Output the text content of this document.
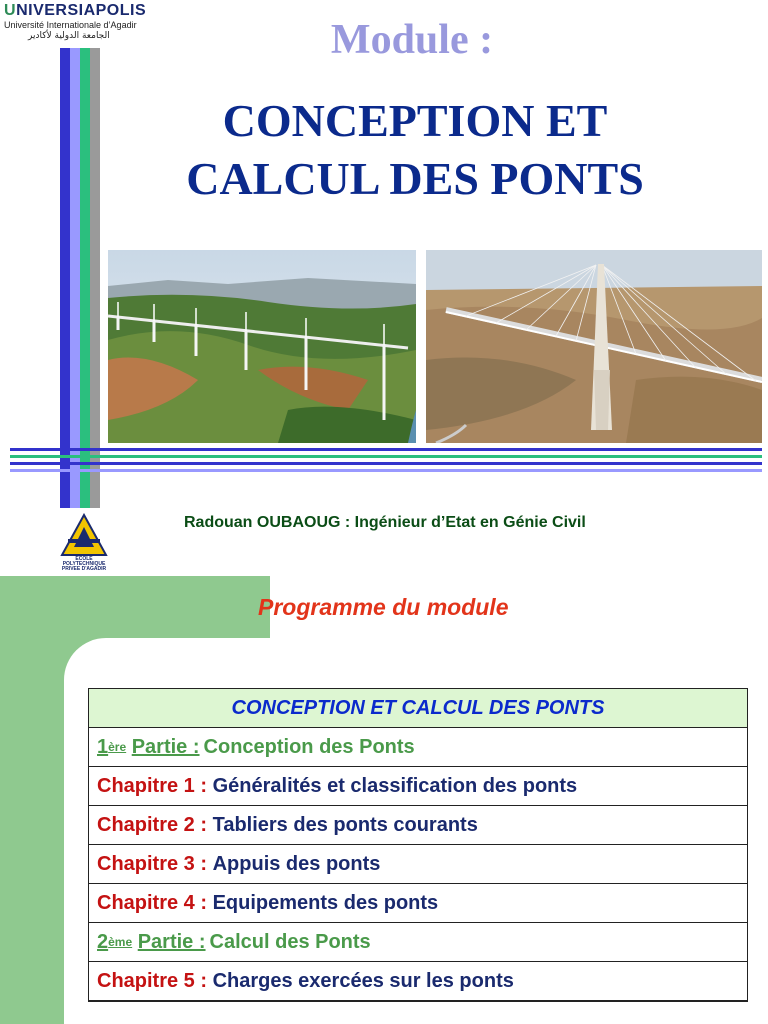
UNIVERSIAPOLIS
Université Internationale d’Agadir
الجامعة الدولية لأكادير	Module :
CONCEPTION ET
CALCUL DES PONTS
ECOLE
POLYTECHNIQUE
PRIVEE D'AGADIR
Radouan OUBAOUG : Ingénieur d’Etat en Génie Civil
Programme du module
CONCEPTION ET CALCUL DES PONTS
1 ère
Partie : Conception des Ponts
Chapitre 1 :
Généralités et classification des ponts
Chapitre 2 :
Tabliers des ponts courants
Chapitre 3 :
Appuis des ponts
Chapitre 4 :
Equipements des ponts
2 ème
Partie : Calcul des Ponts
Chapitre 5 :
Charges exercées sur les ponts
